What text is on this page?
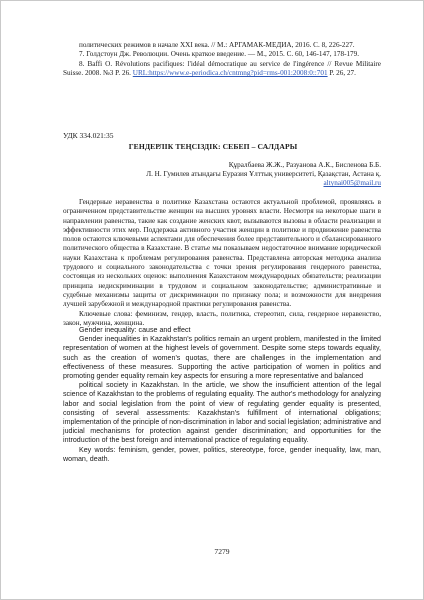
политических режимов в начале XXI века. // М.: АРГАМАК-МЕДИА, 2016. С. 8, 226-227.

7. Голдстоун Дж. Революции. Очень краткое введение. — М., 2015. С. 60, 146-147, 178-179.

8. Baffi O. Révolutions pacifiques: l'idéal démocratique au service de l'ingérence // Revue Militaire Suisse. 2008. №3 P. 26. URL:https://www.e-periodica.ch/cntmng?pid=rms-001:2008:0::701 P. 26, 27.

УДК 334.021:35
ГЕНДЕРЛІК ТЕҢСІЗДІК: СЕБЕП – САЛДАРЫ
Құралбаева Ж.Ж., Разуанова А.К., Бисленова Б.Б.
Л. Н. Гумилев атындағы Еуразия Ұлттық университеті, Қазақстан, Астана қ.
altynai005@mail.ru

Гендерные неравенства в политике Казахстана остаются актуальной проблемой, проявляясь в ограниченном представительстве женщин на высших уровнях власти. Несмотря на некоторые шаги в направлении равенства, такие как создание женских квот, вызываются вызовы в области реализации и эффективности этих мер. Поддержка активного участия женщин в политике и продвижение равенства полов остаются ключевыми аспектами для обеспечения более представительного и сбалансированного политического общества в Казахстане. В статье мы показываем недостаточное внимание юридической науки Казахстана к проблемам регулирования равенства. Представлена авторская методика анализа трудового и социального законодательства с точки зрения регулирования гендерного равенства, состоящая из нескольких оценок: выполнения Казахстаном международных обязательств; реализации принципа недискриминации в трудовом и социальном законодательстве; административные и судебные механизмы защиты от дискриминации по признаку пола; и возможности для внедрения лучшей зарубежной и международной практики регулирования равенства.

Ключевые слова: феминизм, гендер, власть, политика, стереотип, сила, гендерное неравенство, закон, мужчина, женщина.

Gender inequality: cause and effect

Gender inequalities in Kazakhstan's politics remain an urgent problem, manifested in the limited representation of women at the highest levels of government. Despite some steps towards equality, such as the creation of women's quotas, there are challenges in the implementation and effectiveness of these measures. Supporting the active participation of women in politics and promoting gender equality remain key aspects for ensuring a more representative and balanced

political society in Kazakhstan. In the article, we show the insufficient attention of the legal science of Kazakhstan to the problems of regulating equality. The author's methodology for analyzing labor and social legislation from the point of view of regulating gender equality is presented, consisting of several assessments: Kazakhstan's fulfillment of international obligations; implementation of the principle of non-discrimination in labor and social legislation; administrative and judicial mechanisms for protection against gender discrimination; and opportunities for the introduction of the best foreign and international practice of regulating equality.

Key words: feminism, gender, power, politics, stereotype, force, gender inequality, law, man, woman, death.

7279
